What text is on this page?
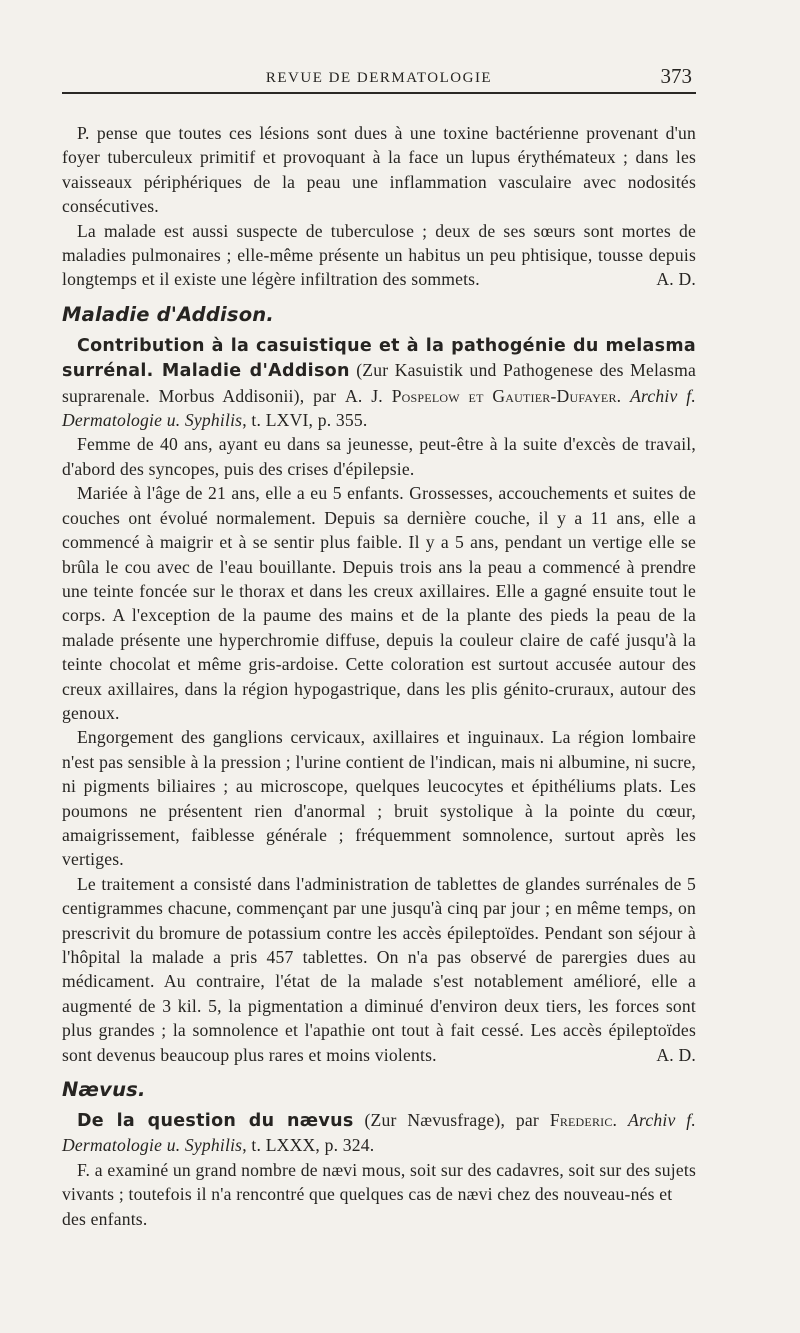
REVUE DE DERMATOLOGIE	373

P. pense que toutes ces lésions sont dues à une toxine bactérienne provenant d'un foyer tuberculeux primitif et provoquant à la face un lupus érythémateux ; dans les vaisseaux périphériques de la peau une inflammation vasculaire avec nodosités consécutives.

La malade est aussi suspecte de tuberculose ; deux de ses sœurs sont mortes de maladies pulmonaires ; elle-même présente un habitus un peu phtisique, tousse depuis longtemps et il existe une légère infiltration des sommets.	A. D.

Maladie d'Addison.

Contribution à la casuistique et à la pathogénie du melasma surrénal. Maladie d'Addison (Zur Kasuistik und Pathogenese des Melasma suprarenale. Morbus Addisonii), par A. J. Pospelow et Gautier-Dufayer. Archiv f. Dermatologie u. Syphilis, t. LXVI, p. 355.

Femme de 40 ans, ayant eu dans sa jeunesse, peut-être à la suite d'excès de travail, d'abord des syncopes, puis des crises d'épilepsie.

Mariée à l'âge de 21 ans, elle a eu 5 enfants. Grossesses, accouchements et suites de couches ont évolué normalement. Depuis sa dernière couche, il y a 11 ans, elle a commencé à maigrir et à se sentir plus faible. Il y a 5 ans, pendant un vertige elle se brûla le cou avec de l'eau bouillante. Depuis trois ans la peau a commencé à prendre une teinte foncée sur le thorax et dans les creux axillaires. Elle a gagné ensuite tout le corps. A l'exception de la paume des mains et de la plante des pieds la peau de la malade présente une hyperchromie diffuse, depuis la couleur claire de café jusqu'à la teinte chocolat et même gris-ardoise. Cette coloration est surtout accusée autour des creux axillaires, dans la région hypogastrique, dans les plis génito-cruraux, autour des genoux.

Engorgement des ganglions cervicaux, axillaires et inguinaux. La région lombaire n'est pas sensible à la pression ; l'urine contient de l'indican, mais ni albumine, ni sucre, ni pigments biliaires ; au microscope, quelques leucocytes et épithéliums plats. Les poumons ne présentent rien d'anormal ; bruit systolique à la pointe du cœur, amaigrissement, faiblesse générale ; fréquemment somnolence, surtout après les vertiges.

Le traitement a consisté dans l'administration de tablettes de glandes surrénales de 5 centigrammes chacune, commençant par une jusqu'à cinq par jour ; en même temps, on prescrivit du bromure de potassium contre les accès épileptoïdes. Pendant son séjour à l'hôpital la malade a pris 457 tablettes. On n'a pas observé de parergies dues au médicament. Au contraire, l'état de la malade s'est notablement amélioré, elle a augmenté de 3 kil. 5, la pigmentation a diminué d'environ deux tiers, les forces sont plus grandes ; la somnolence et l'apathie ont tout à fait cessé. Les accès épileptoïdes sont devenus beaucoup plus rares et moins violents.	A. D.

Nævus.

De la question du nævus (Zur Nævusfrage), par Frederic. Archiv f. Dermatologie u. Syphilis, t. LXXX, p. 324.

F. a examiné un grand nombre de nævi mous, soit sur des cadavres, soit sur des sujets vivants ; toutefois il n'a rencontré que quelques cas de nævi chez des nouveau-nés et des enfants.
